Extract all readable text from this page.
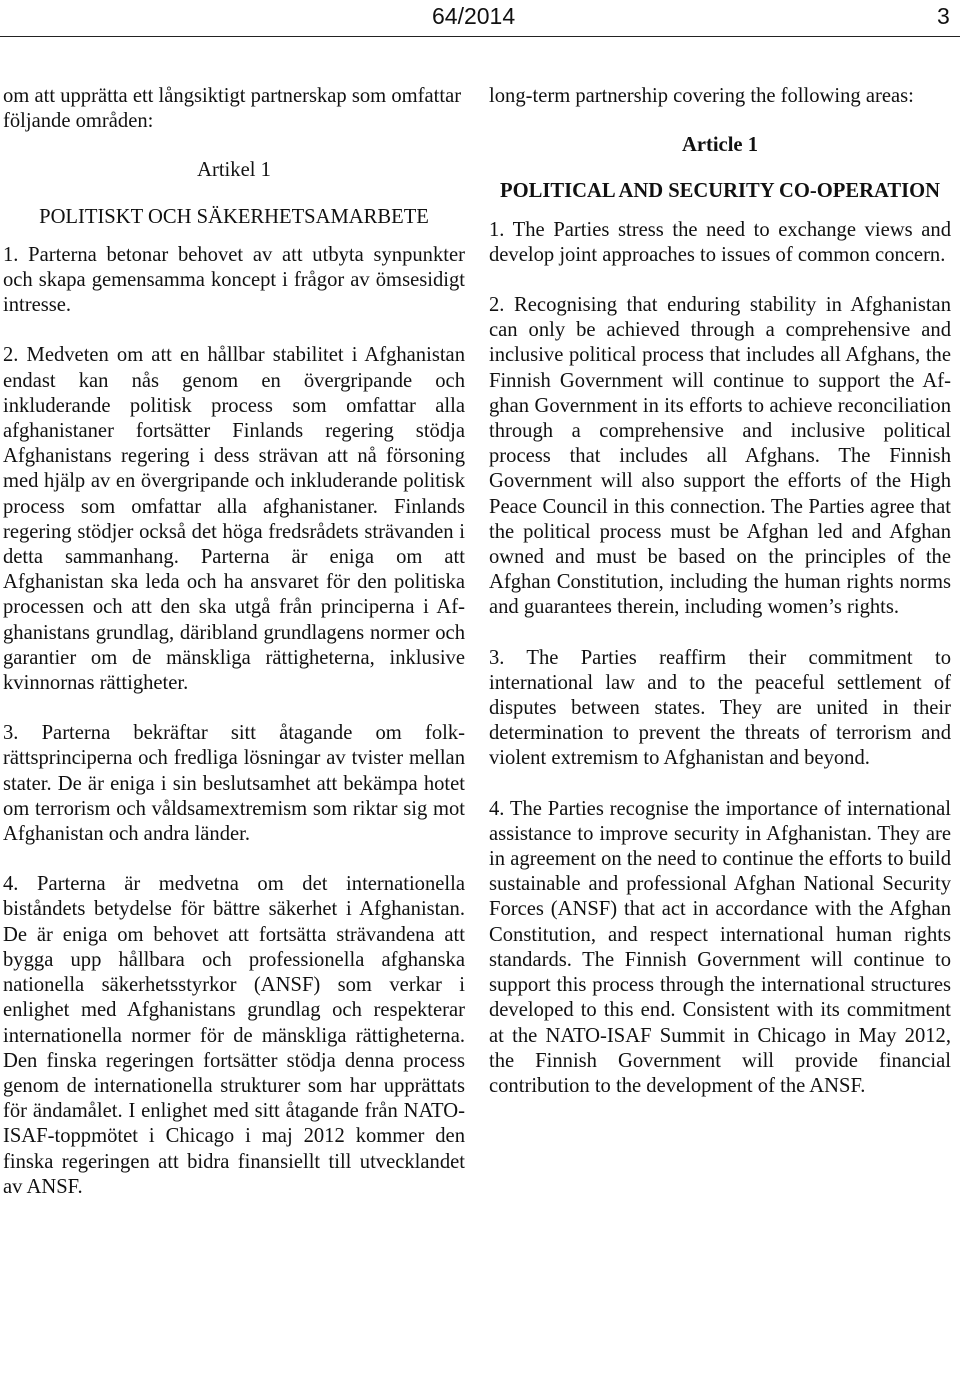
64/2014	3

om att upprätta ett långsiktigt partnerskap som omfattar följande områden:

Artikel 1

POLITISKT OCH SÄKERHETSAMARBETE

1. Parterna betonar behovet av att utbyta synpunkter och skapa gemensamma koncept i frågor av ömsesidigt intresse.

2. Medveten om att en hållbar stabilitet i Afghanistan endast kan nås genom en övergripande och inkluderande politisk process som omfattar alla afghanistaner fortsätter Finlands regering stödja Afghanistans regering i dess strävan att nå försoning med hjälp av en övergripande och inkluderande politisk process som omfattar alla afghanistaner. Finlands regering stödjer också det höga fredsrådets strävanden i detta sammanhang. Parterna är eniga om att Afghanistan ska leda och ha ansvaret för den politiska processen och att den ska utgå från principerna i Afghanistans grundlag, däribland grundlagens normer och garantier om de mänskliga rättigheterna, inklusive kvinnornas rättigheter.

3. Parterna bekräftar sitt åtagande om folkrättsprinciperna och fredliga lösningar av tvister mellan stater. De är eniga i sin beslutsamhet att bekämpa hotet om terrorism och våldsamextremism som riktar sig mot Afghanistan och andra länder.

4. Parterna är medvetna om det internationella biståndets betydelse för bättre säkerhet i Afghanistan. De är eniga om behovet att fortsätta strävandena att bygga upp hållbara och professionella afghanska nationella säkerhetsstyrkor (ANSF) som verkar i enlighet med Afghanistans grundlag och respekterar internationella normer för de mänskliga rättigheterna. Den finska regeringen fortsätter stödja denna process genom de internationella strukturer som har upprättats för ändamålet. I enlighet med sitt åtagande från NATO-ISAF-toppmötet i Chicago i maj 2012 kommer den finska regeringen att bidra finansiellt till utvecklandet av ANSF.

long-term partnership covering the following areas:

Article 1

POLITICAL AND SECURITY CO-OPERATION

1. The Parties stress the need to exchange views and develop joint approaches to issues of common concern.

2. Recognising that enduring stability in Afghanistan can only be achieved through a comprehensive and inclusive political process that includes all Afghans, the Finnish Government will continue to support the Afghan Government in its efforts to achieve reconciliation through a comprehensive and inclusive political process that includes all Afghans. The Finnish Government will also support the efforts of the High Peace Council in this connection. The Parties agree that the political process must be Afghan led and Afghan owned and must be based on the principles of the Afghan Constitution, including the human rights norms and guarantees therein, including women’s rights.

3. The Parties reaffirm their commitment to international law and to the peaceful settlement of disputes between states. They are united in their determination to prevent the threats of terrorism and violent extremism to Afghanistan and beyond.

4. The Parties recognise the importance of international assistance to improve security in Afghanistan. They are in agreement on the need to continue the efforts to build sustainable and professional Afghan National Security Forces (ANSF) that act in accordance with the Afghan Constitution, and respect international human rights standards. The Finnish Government will continue to support this process through the international structures developed to this end. Consistent with its commitment at the NATO-ISAF Summit in Chicago in May 2012, the Finnish Government will provide financial contribution to the development of the ANSF.
